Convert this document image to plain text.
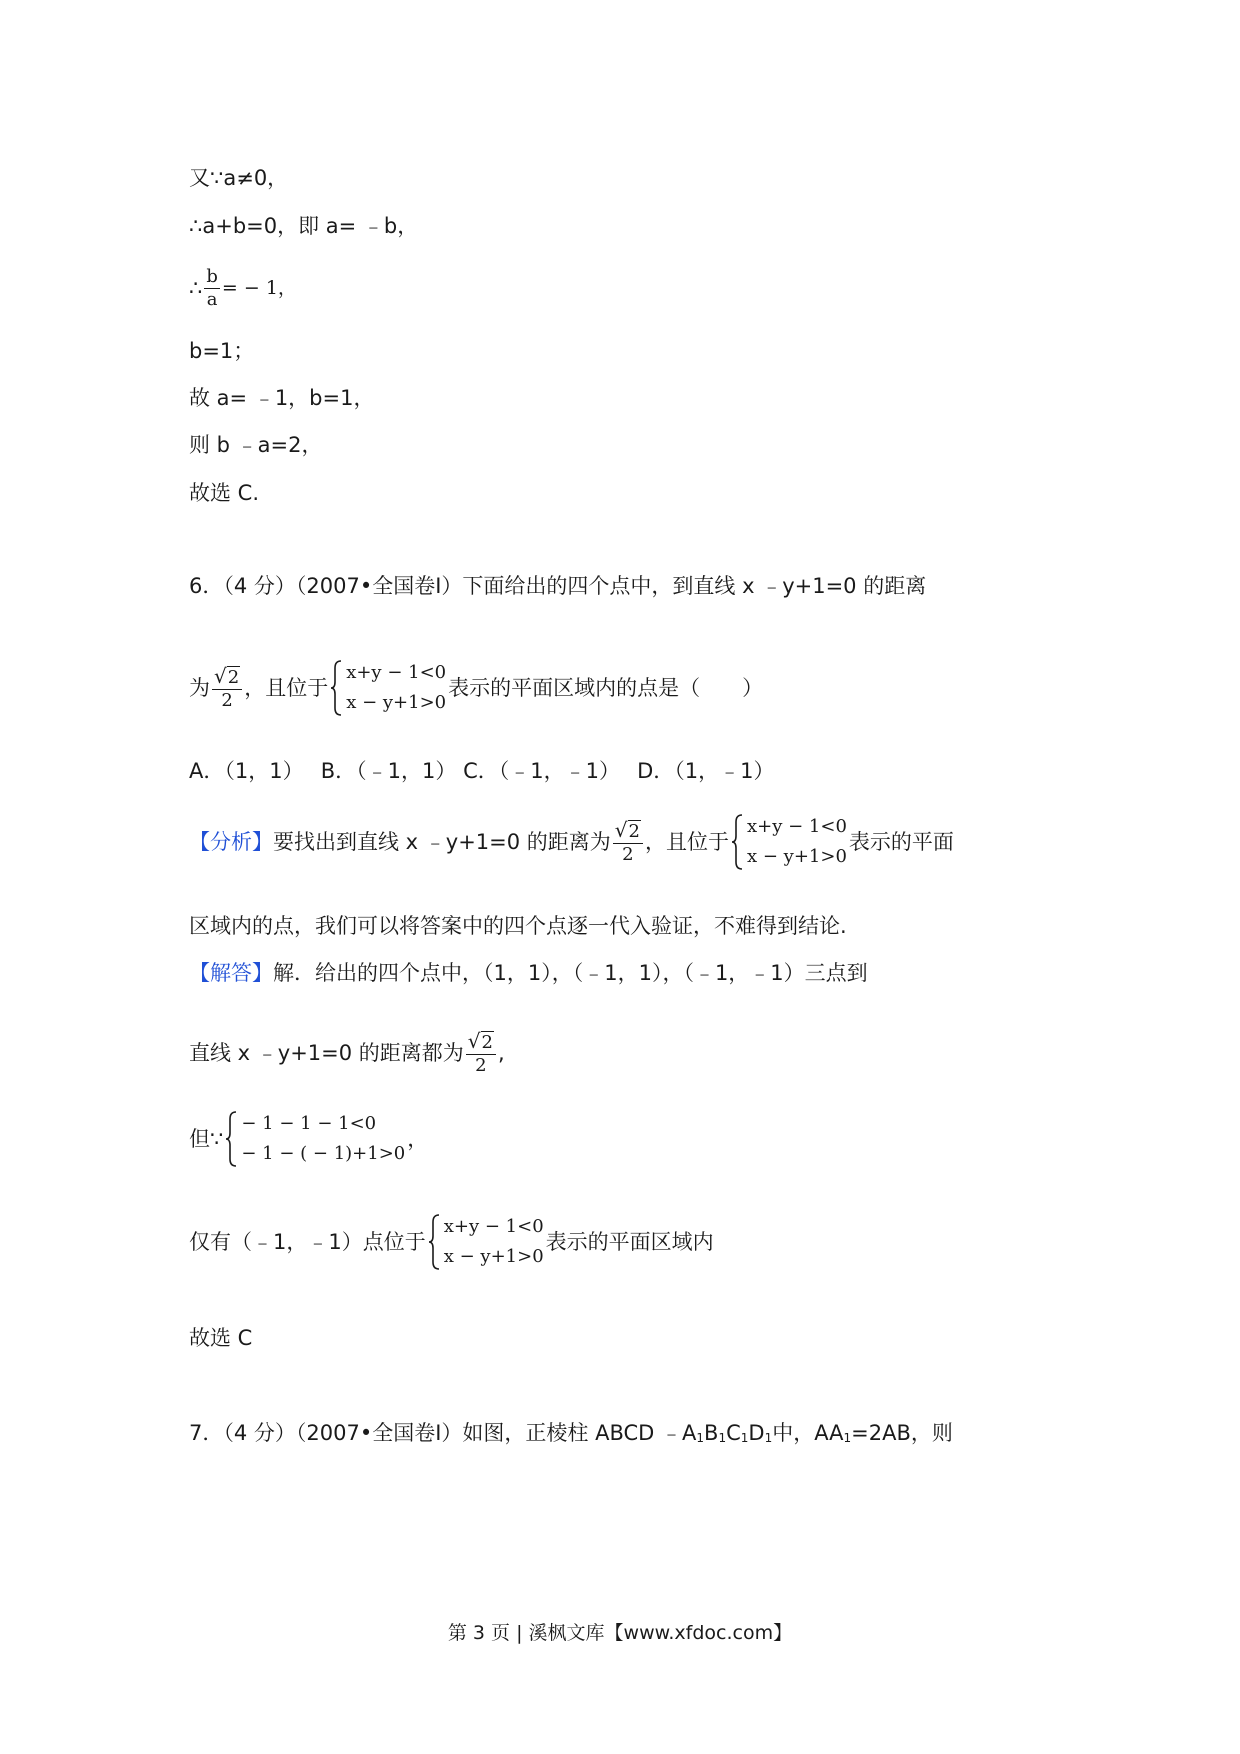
又∵a≠0，
∴a+b=0，即 a= ﹣b，
∴ $\frac{b}{a}$ = − 1，
b=1；
故 a= ﹣1，b=1，
则 b ﹣a=2，
故选 C.
6．（4 分）（2007•全国卷Ⅰ）下面给出的四个点中，到直线 x ﹣y+1=0 的距离
为 $\frac{√2}{2}$ ，且位于
x+y − 1<0
x − y+1>0
表示的平面区域内的点是（　　）
A．（1，1）　 B．（﹣1，1） C．（﹣1，﹣1）　 D．（1，﹣1）
【分析】要找出到直线 x ﹣y+1=0 的距离为 $\frac{√2}{2}$ ，且位于
x+y − 1<0
x − y+1>0
表示的平面
区域内的点，我们可以将答案中的四个点逐一代入验证，不难得到结论.
【解答】解．给出的四个点中，（1，1），（﹣1，1），（﹣1，﹣1）三点到
直线 x ﹣y+1=0 的距离都为 $\frac{√2}{2}$ ,
但∵
− 1 − 1 − 1<0
− 1 − ( − 1)+1>0
，
仅有（﹣1，﹣1）点位于
x+y − 1<0
x − y+1>0
表示的平面区域内
故选 C
7．（4 分）（2007•全国卷Ⅰ）如图，正棱柱 ABCD $﹣A_1B_1C_1D_1$中，$AA_1=2AB$，则
第 3 页 | 溪枫文库【www.xfdoc.com】
